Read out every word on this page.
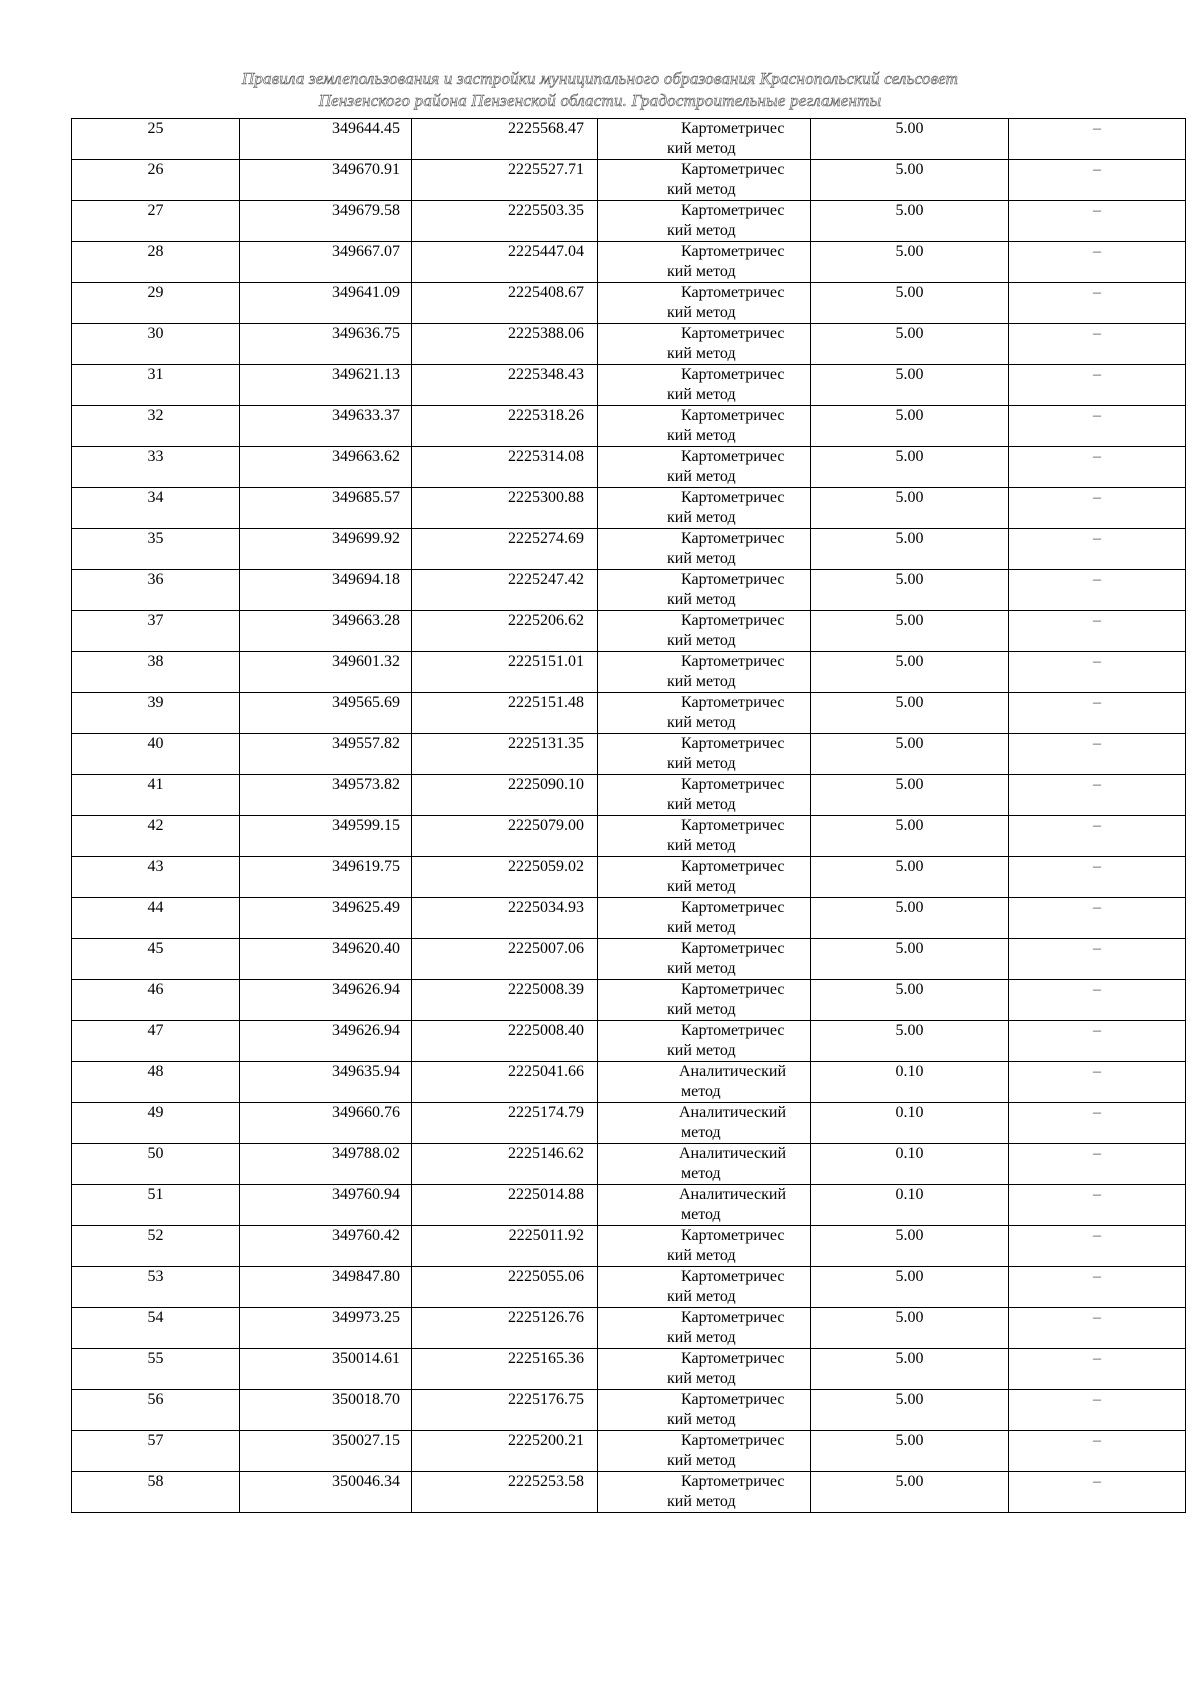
Правила землепользования и застройки муниципального образования Краснопольский сельсовет
Пензенского района Пензенской области. Градостроительные регламенты
25	349644.45	2225568.47	Картометричес
кий метод	5.00	–
26	349670.91	2225527.71	Картометричес
кий метод	5.00	–
27	349679.58	2225503.35	Картометричес
кий метод	5.00	–
28	349667.07	2225447.04	Картометричес
кий метод	5.00	–
29	349641.09	2225408.67	Картометричес
кий метод	5.00	–
30	349636.75	2225388.06	Картометричес
кий метод	5.00	–
31	349621.13	2225348.43	Картометричес
кий метод	5.00	–
32	349633.37	2225318.26	Картометричес
кий метод	5.00	–
33	349663.62	2225314.08	Картометричес
кий метод	5.00	–
34	349685.57	2225300.88	Картометричес
кий метод	5.00	–
35	349699.92	2225274.69	Картометричес
кий метод	5.00	–
36	349694.18	2225247.42	Картометричес
кий метод	5.00	–
37	349663.28	2225206.62	Картометричес
кий метод	5.00	–
38	349601.32	2225151.01	Картометричес
кий метод	5.00	–
39	349565.69	2225151.48	Картометричес
кий метод	5.00	–
40	349557.82	2225131.35	Картометричес
кий метод	5.00	–
41	349573.82	2225090.10	Картометричес
кий метод	5.00	–
42	349599.15	2225079.00	Картометричес
кий метод	5.00	–
43	349619.75	2225059.02	Картометричес
кий метод	5.00	–
44	349625.49	2225034.93	Картометричес
кий метод	5.00	–
45	349620.40	2225007.06	Картометричес
кий метод	5.00	–
46	349626.94	2225008.39	Картометричес
кий метод	5.00	–
47	349626.94	2225008.40	Картометричес
кий метод	5.00	–
48	349635.94	2225041.66	Аналитический
метод	0.10	–
49	349660.76	2225174.79	Аналитический
метод	0.10	–
50	349788.02	2225146.62	Аналитический
метод	0.10	–
51	349760.94	2225014.88	Аналитический
метод	0.10	–
52	349760.42	2225011.92	Картометричес
кий метод	5.00	–
53	349847.80	2225055.06	Картометричес
кий метод	5.00	–
54	349973.25	2225126.76	Картометричес
кий метод	5.00	–
55	350014.61	2225165.36	Картометричес
кий метод	5.00	–
56	350018.70	2225176.75	Картометричес
кий метод	5.00	–
57	350027.15	2225200.21	Картометричес
кий метод	5.00	–
58	350046.34	2225253.58	Картометричес
кий метод	5.00	–
